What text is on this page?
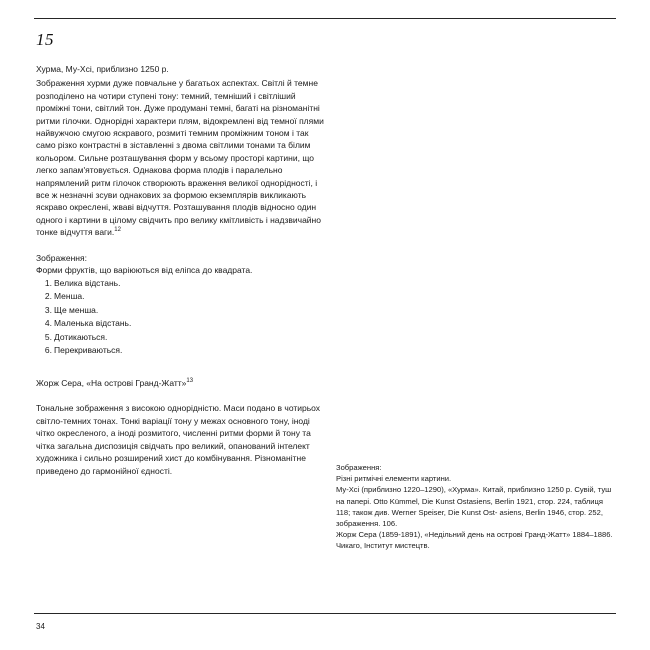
15

Хурма, Му-Хсі, приблизно 1250 р.

Зображення хурми дуже повчальне у багатьох аспектах. Світлі й темне розподілено на чотири ступені тону: темний, темніший і світліший проміжні тони, світлий тон. Дуже продумані темні, багаті на різноманітні ритми гілочки. Однорідні характери плям, відокремлені від темної плями найвужчою смугою яскравого, розмиті темним проміжним тоном і так само різко контрастні в зіставленні з двома світлими тонами та білим кольором. Сильне розташування форм у всьому просторі картини, що легко запам'ятовується. Однакова форма плодів і паралельно напрямлений ритм гілочок створюють враження великої однорідності, і все ж незначні зсуви однакових за формою екземплярів викликають яскраво окреслені, жваві відчуття. Розташування плодів відносно один одного і картини в цілому свідчить про велику кмітливість і надзвичайно тонке відчуття ваги.$^{12}$

Зображення:

Форми фруктів, що варіюються від еліпса до квадрата.

1. Велика відстань.
2. Менша.
3. Ще менша.
4. Маленька відстань.
5. Дотикаються.
6. Перекриваються.

Жорж Сера, «На острові Гранд-Жатт»$^{13}$

Тональне зображення з високою однорідністю. Маси подано в чотирьох світло-темних тонах. Тонкі варіації тону у межах основного тону, іноді чітко окресленого, а іноді розмитого, численні ритми форми й тону та чітка загальна диспозиція свідчать про великий, опанований інтелект художника і сильно розширений хист до комбінування. Різноманітне приведено до гармонійної єдності.	Зображення:

Різні ритмічні елементи картини.

Му-Хсі (приблизно 1220–1290), «Хурма». Китай, приблизно 1250 р. Сувій, туш на папері. Otto Kümmel, Die Kunst Ostasiens, Berlin 1921, стор. 224, таблиця 118; також див. Werner Speiser, Die Kunst Ost- asiens, Berlin 1946, стор. 252, зображення. 106.

Жорж Сера (1859-1891), «Недільний день на острові Гранд-Жатт» 1884–1886. Чикаго, Інститут мистецтв.

34
